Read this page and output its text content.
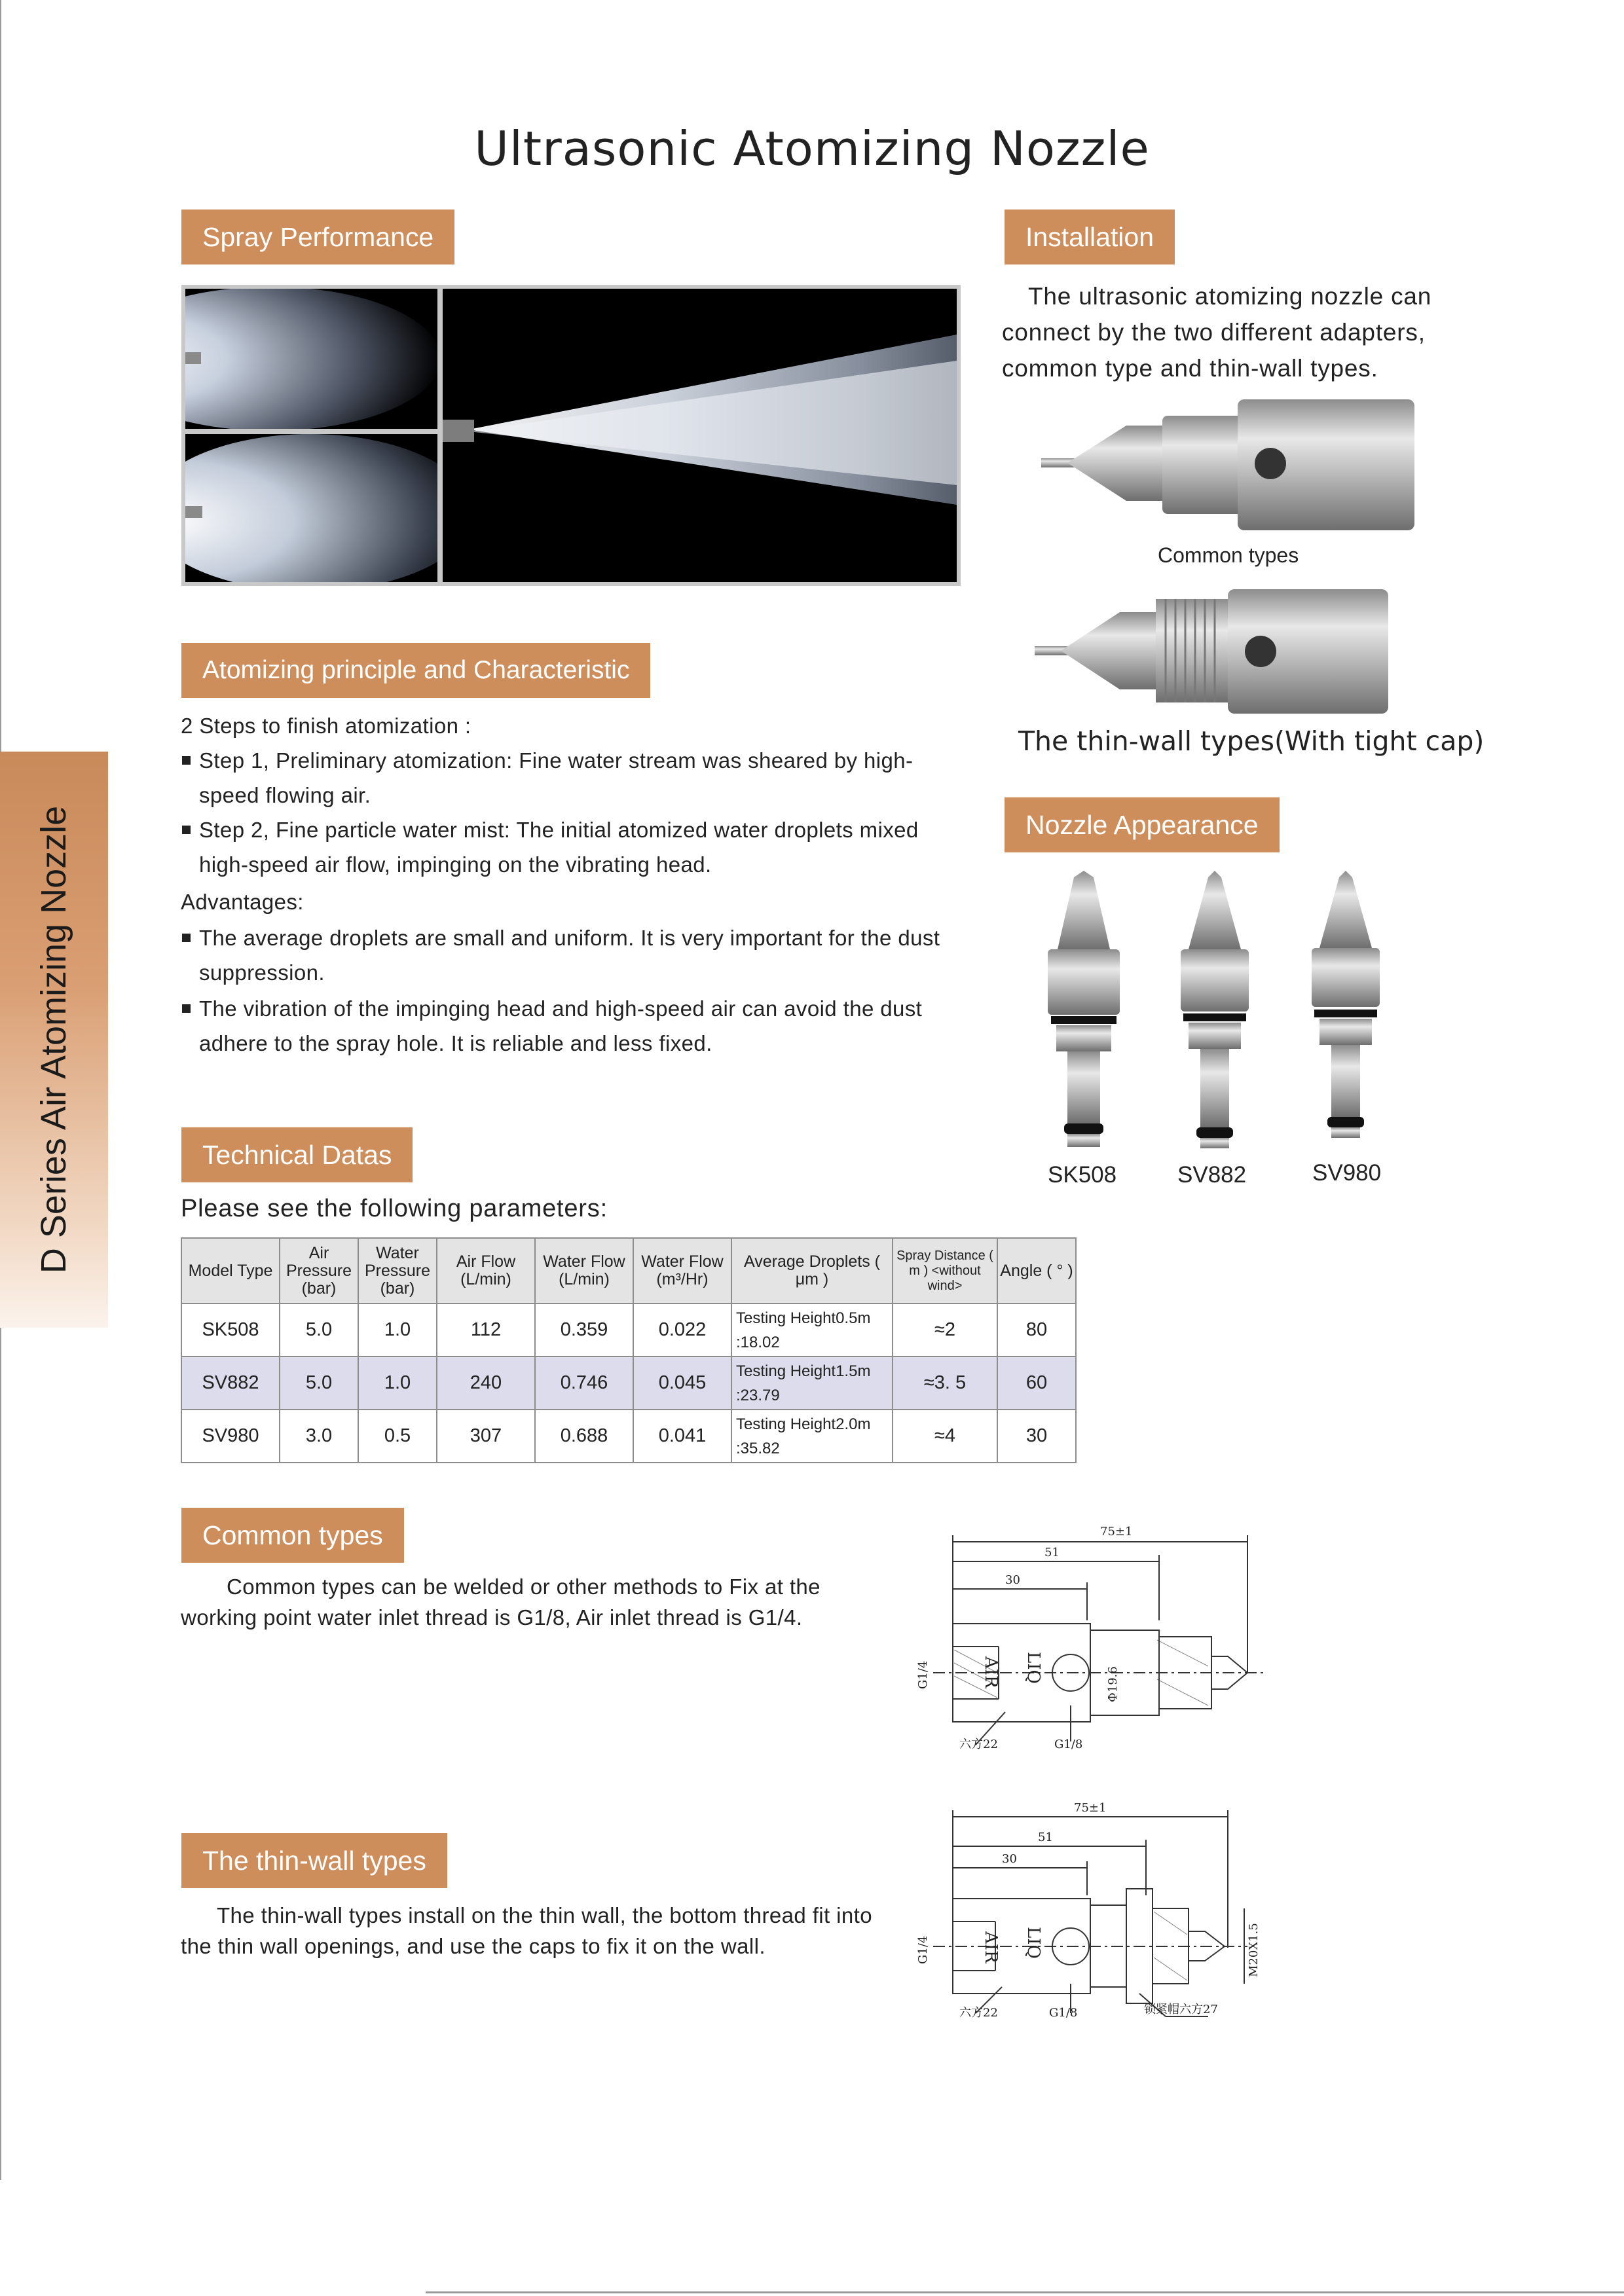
Ultrasonic Atomizing Nozzle
D Series Air Atomizing Nozzle
Spray Performance	Installation
The ultrasonic atomizing nozzle can connect by the two different adapters, common type and thin-wall types.
Common types
The thin-wall types(With tight cap)
Nozzle Appearance
SK508	SV882	SV980
Atomizing principle and Characteristic
2 Steps to finish atomization :
Step 1, Preliminary atomization: Fine water stream was sheared by high-speed flowing air.
Step 2, Fine particle water mist: The initial atomized water droplets mixed high-speed air flow, impinging on the vibrating head.
Advantages:
The average droplets are small and uniform. It is very important for the dust suppression.
The vibration of the impinging head and high-speed air can avoid the dust adhere to the spray hole. It is reliable and less fixed.
Technical Datas
Please see the following parameters:
Model Type	Air Pressure (bar)	Water Pressure (bar)	Air Flow (L/min)	Water Flow (L/min)	Water Flow (m³/Hr)	Average Droplets ( μm )	Spray Distance ( m ) <without wind>	Angle ( ° )
SK508	5.0	1.0	112	0.359	0.022	Testing Height0.5m :18.02	≈2	80
SV882	5.0	1.0	240	0.746	0.045	Testing Height1.5m :23.79	≈3. 5	60
SV980	3.0	0.5	307	0.688	0.041	Testing Height2.0m :35.82	≈4	30
Common types
Common types can be welded or other methods to Fix at the working point water inlet thread is G1/8, Air inlet thread is G1/4.
75±1
51
30
G1/4	AIR LIQ	Φ19.6
六方22	G1/8
The thin-wall types
The thin-wall types install on the thin wall, the bottom thread fit into the thin wall openings, and use the caps to fix it on the wall.
75±1
51
30
G1/4	AIR LIQ	M20X1.5
六方22	G1/8	锁紧帽六方27
